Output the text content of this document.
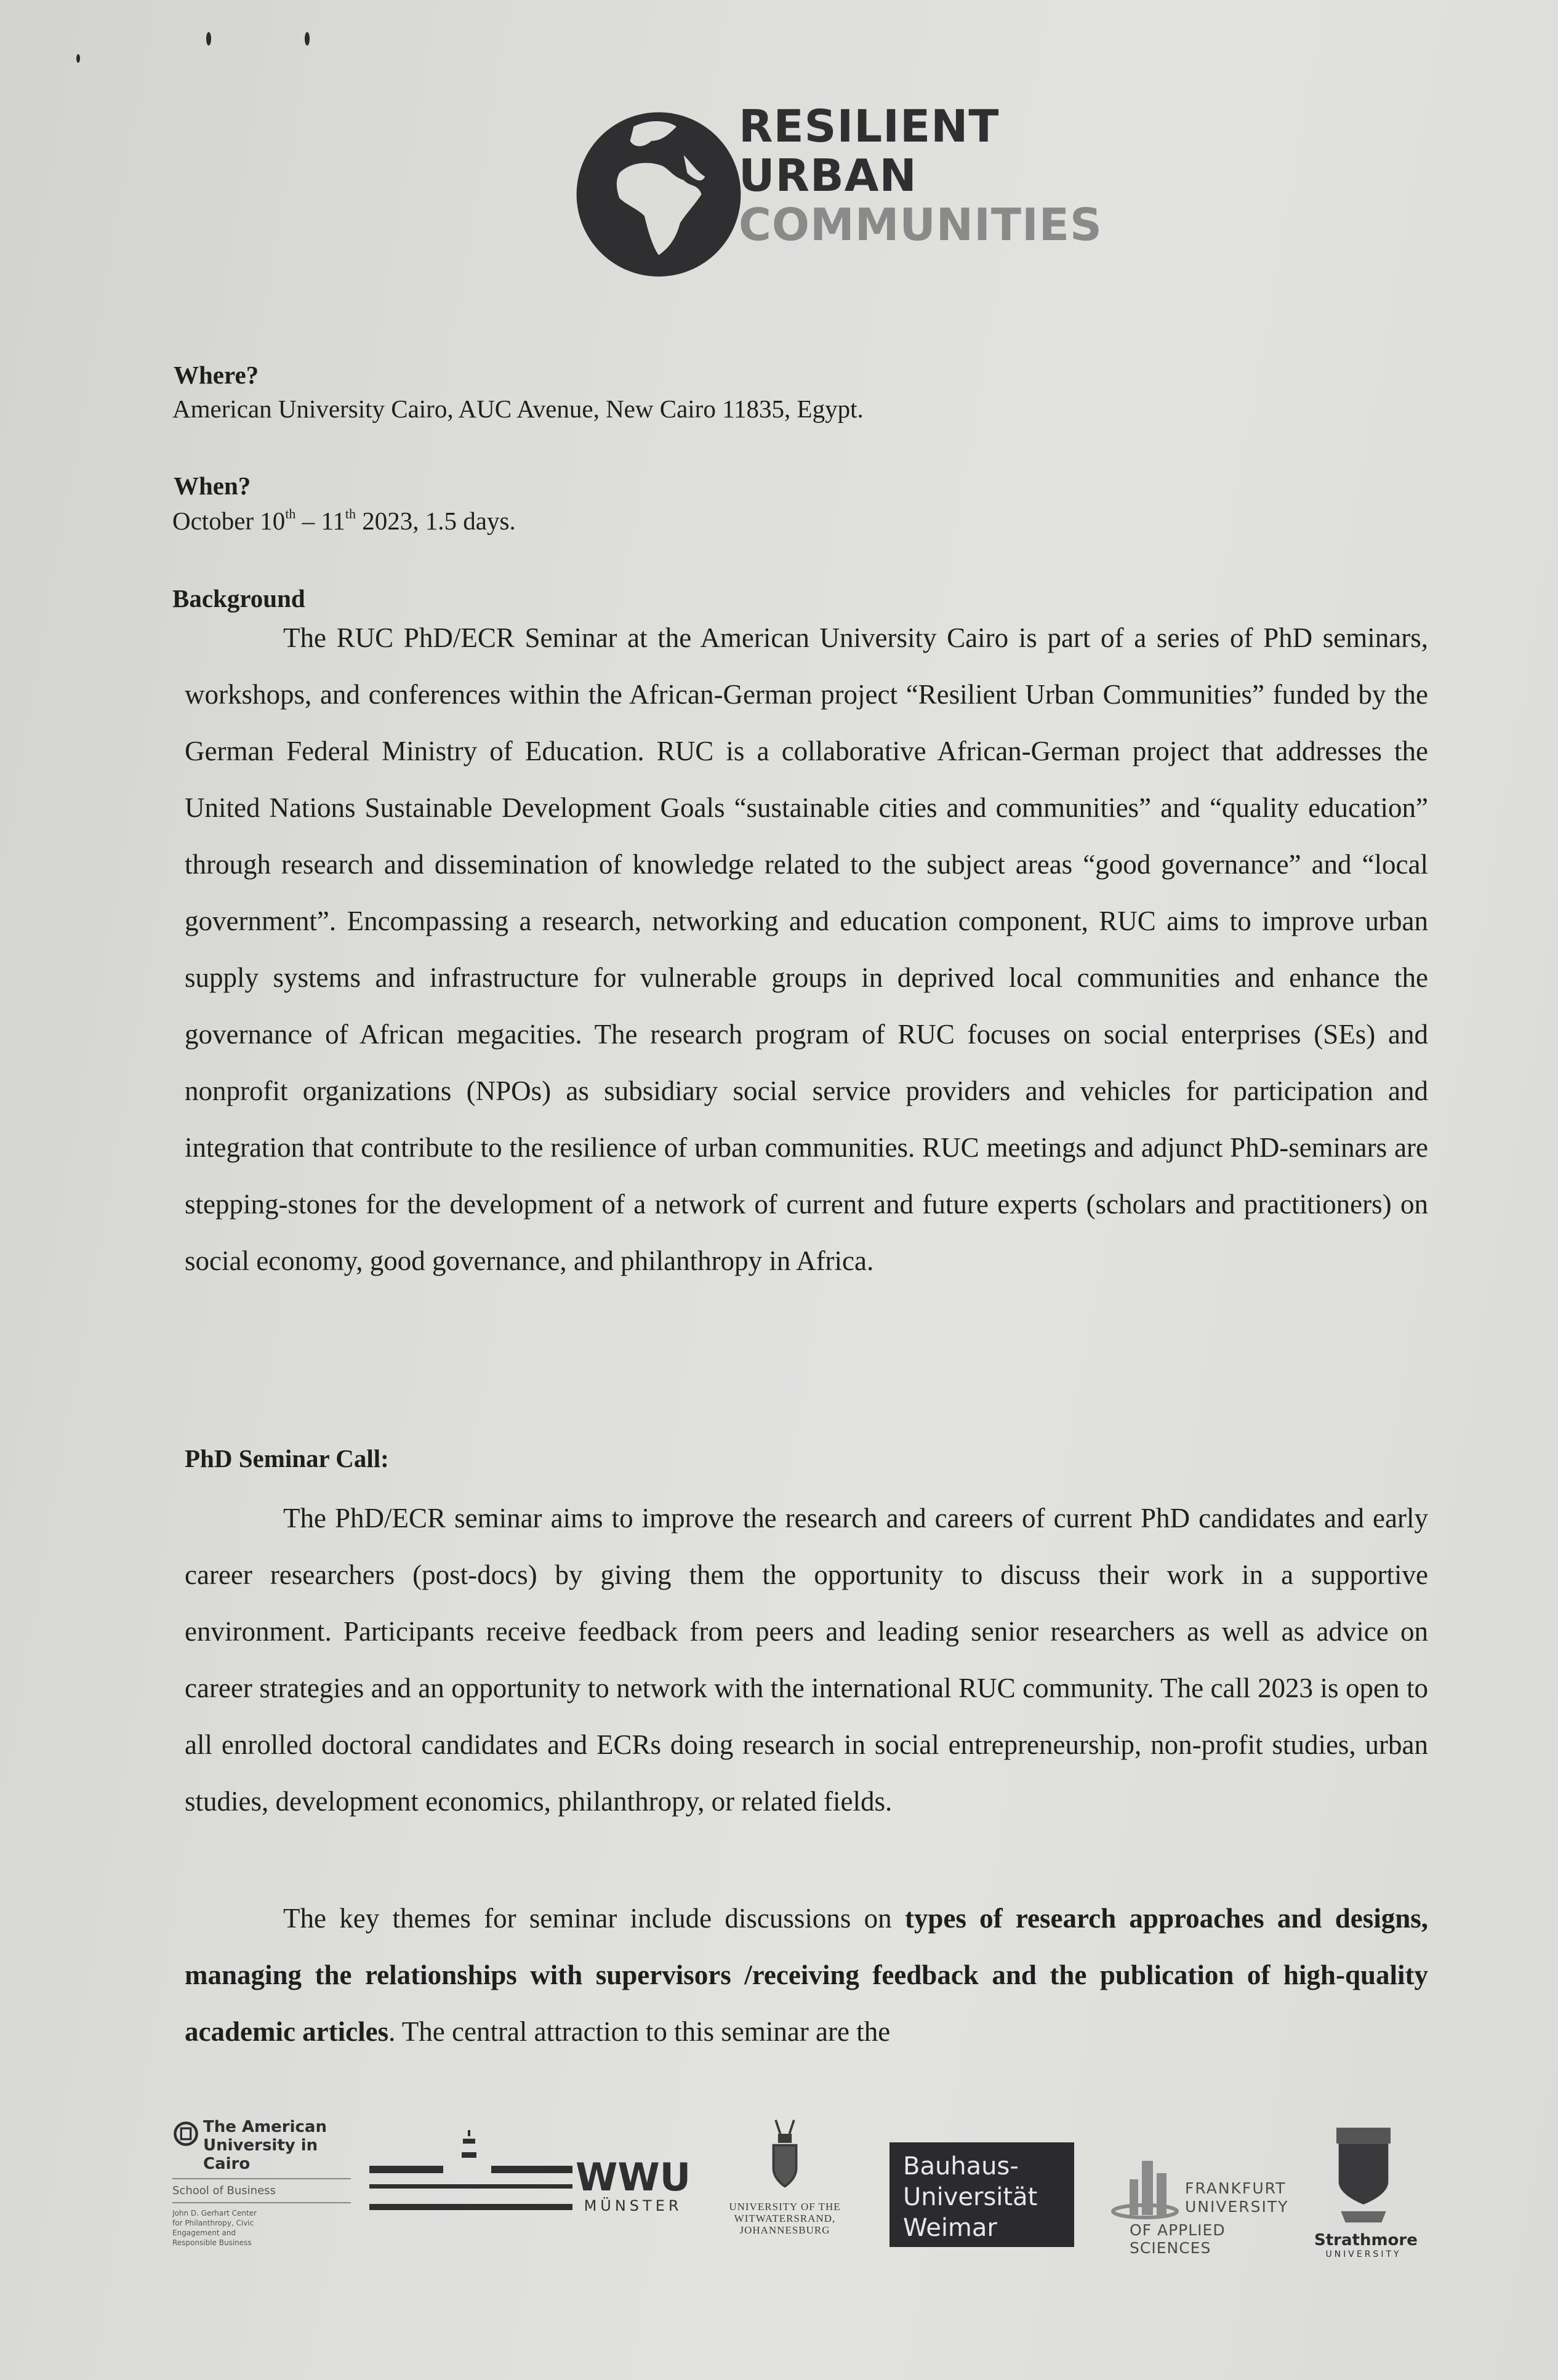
RESILIENT
URBAN
COMMUNITIES
Where?
American University Cairo, AUC Avenue, New Cairo 11835, Egypt.
When?
October 10th – 11th 2023, 1.5 days.
Background
The RUC PhD/ECR Seminar at the American University Cairo is part of a series of PhD seminars, workshops, and conferences within the African-German project “Resilient Urban Communities” funded by the German Federal Ministry of Education. RUC is a collaborative African-German project that addresses the United Nations Sustainable Development Goals “sustainable cities and communities” and “quality education” through research and dissemination of knowledge related to the subject areas “good governance” and “local government”. Encompassing a research, networking and education component, RUC aims to improve urban supply systems and infrastructure for vulnerable groups in deprived local communities and enhance the governance of African megacities. The research program of RUC focuses on social enterprises (SEs) and nonprofit organizations (NPOs) as subsidiary social service providers and vehicles for participation and integration that contribute to the resilience of urban communities. RUC meetings and adjunct PhD-seminars are stepping-stones for the development of a network of current and future experts (scholars and practitioners) on social economy, good governance, and philanthropy in Africa.
PhD Seminar Call:
The PhD/ECR seminar aims to improve the research and careers of current PhD candidates and early career researchers (post-docs) by giving them the opportunity to discuss their work in a supportive environment. Participants receive feedback from peers and leading senior researchers as well as advice on career strategies and an opportunity to network with the international RUC community. The call 2023 is open to all enrolled doctoral candidates and ECRs doing research in social entrepreneurship, non-profit studies, urban studies, development economics, philanthropy, or related fields.
The key themes for seminar include discussions on types of research approaches and designs, managing the relationships with supervisors /receiving feedback and the publication of high-quality academic articles. The central attraction to this seminar are the
The American
University in Cairo
School of Business
John D. Gerhart Center
for Philanthropy, Civic
Engagement and
Responsible Business
WWU
MÜNSTER	UNIVERSITY OF THE
WITWATERSRAND,
JOHANNESBURG
Bauhaus-
Universität
Weimar
FRANKFURT
UNIVERSITY
OF APPLIED SCIENCES	Strathmore
UNIVERSITY
